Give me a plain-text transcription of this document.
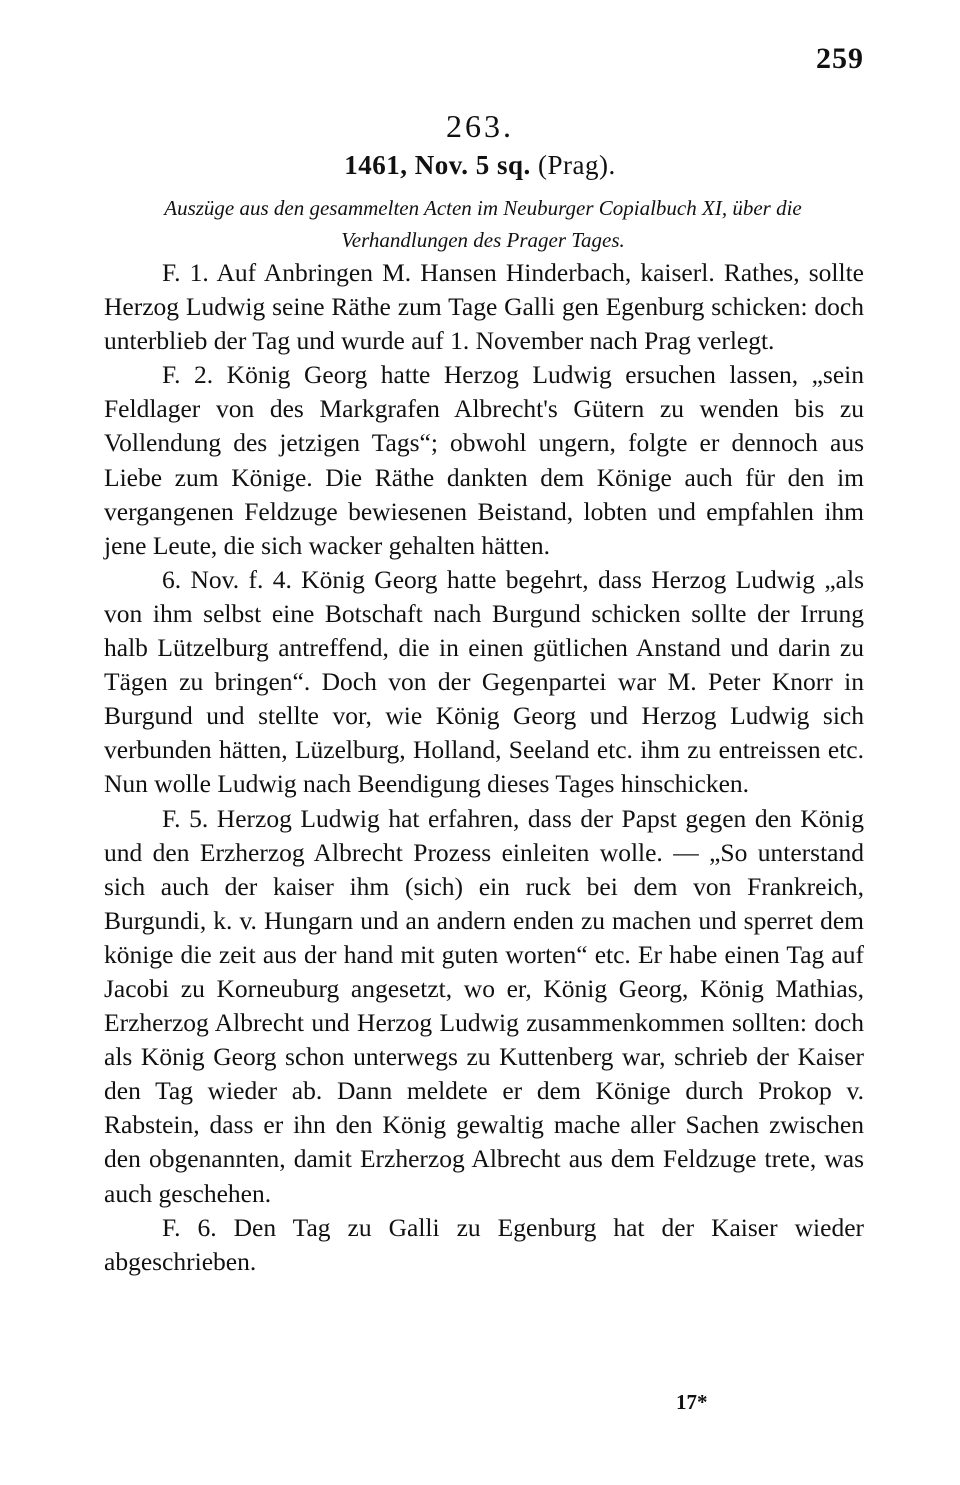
259
263.
1461, Nov. 5 sq. (Prag).
Auszüge aus den gesammelten Acten im Neuburger Copialbuch XI, über die Verhandlungen des Prager Tages.

F. 1. Auf Anbringen M. Hansen Hinderbach, kaiserl. Rathes, sollte Herzog Ludwig seine Räthe zum Tage Galli gen Egenburg schicken: doch unterblieb der Tag und wurde auf 1. November nach Prag verlegt.

F. 2. König Georg hatte Herzog Ludwig ersuchen lassen, „sein Feldlager von des Markgrafen Albrecht's Gütern zu wenden bis zu Vollendung des jetzigen Tags“; obwohl ungern, folgte er dennoch aus Liebe zum Könige. Die Räthe dankten dem Könige auch für den im vergangenen Feldzuge bewiesenen Beistand, lobten und empfahlen ihm jene Leute, die sich wacker gehalten hätten.

6. Nov. f. 4. König Georg hatte begehrt, dass Herzog Ludwig „als von ihm selbst eine Botschaft nach Burgund schicken sollte der Irrung halb Lützelburg antreffend, die in einen gütlichen Anstand und darin zu Tägen zu bringen“. Doch von der Gegenpartei war M. Peter Knorr in Burgund und stellte vor, wie König Georg und Herzog Ludwig sich verbunden hätten, Lüzelburg, Holland, Seeland etc. ihm zu entreissen etc. Nun wolle Ludwig nach Beendigung dieses Tages hinschicken.

F. 5. Herzog Ludwig hat erfahren, dass der Papst gegen den König und den Erzherzog Albrecht Prozess einleiten wolle. — „So unterstand sich auch der kaiser ihm (sich) ein ruck bei dem von Frankreich, Burgundi, k. v. Hungarn und an andern enden zu machen und sperret dem könige die zeit aus der hand mit guten worten“ etc. Er habe einen Tag auf Jacobi zu Korneuburg angesetzt, wo er, König Georg, König Mathias, Erzherzog Albrecht und Herzog Ludwig zusammenkommen sollten: doch als König Georg schon unterwegs zu Kuttenberg war, schrieb der Kaiser den Tag wieder ab. Dann meldete er dem Könige durch Prokop v. Rabstein, dass er ihn den König gewaltig mache aller Sachen zwischen den obgenannten, damit Erzherzog Albrecht aus dem Feldzuge trete, was auch geschehen.

F. 6. Den Tag zu Galli zu Egenburg hat der Kaiser wieder abgeschrieben.

17*
